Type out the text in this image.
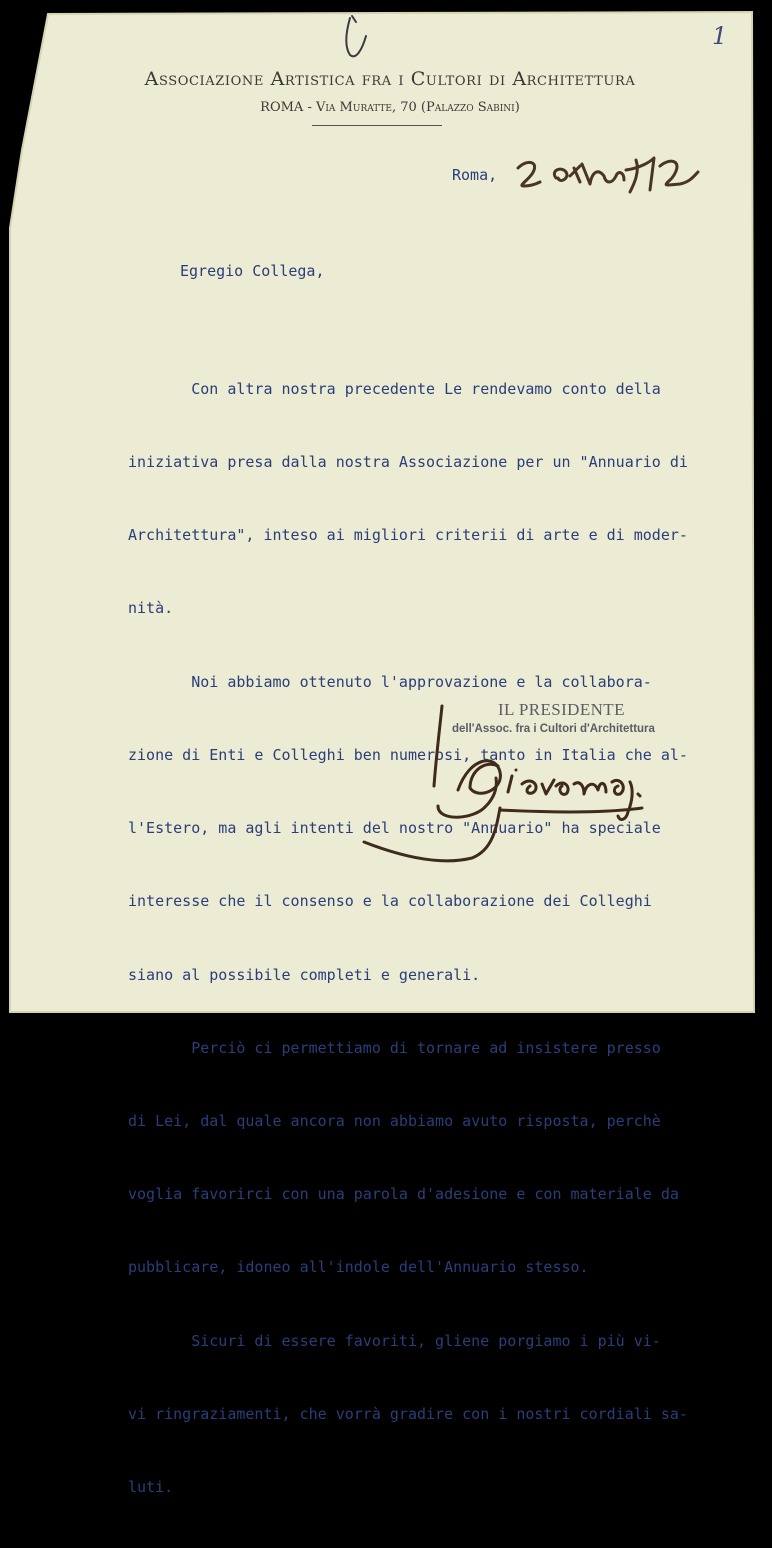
1
Associazione Artistica fra i Cultori di Architettura
ROMA - Via Muratte, 70 (Palazzo Sabini)
Roma,
Egregio Collega,

Con altra nostra precedente Le rendevamo conto della

iniziativa presa dalla nostra Associazione per un "Annuario di

Architettura", inteso ai migliori criterii di arte e di moder-

nità.

Noi abbiamo ottenuto l'approvazione e la collabora-

zione di Enti e Colleghi ben numerosi, tanto in Italia che al-

l'Estero, ma agli intenti del nostro "Annuario" ha speciale

interesse che il consenso e la collaborazione dei Colleghi

siano al possibile completi e generali.

Perciò ci permettiamo di tornare ad insistere presso

di Lei, dal quale ancora non abbiamo avuto risposta, perchè

voglia favorirci con una parola d'adesione e con materiale da

pubblicare, idoneo all'indole dell'Annuario stesso.

Sicuri di essere favoriti, gliene porgiamo i più vi-

vi ringraziamenti, che vorrà gradire con i nostri cordiali sa-

luti.

IL PRESIDENTE
dell'Assoc. fra i Cultori d'Architettura
